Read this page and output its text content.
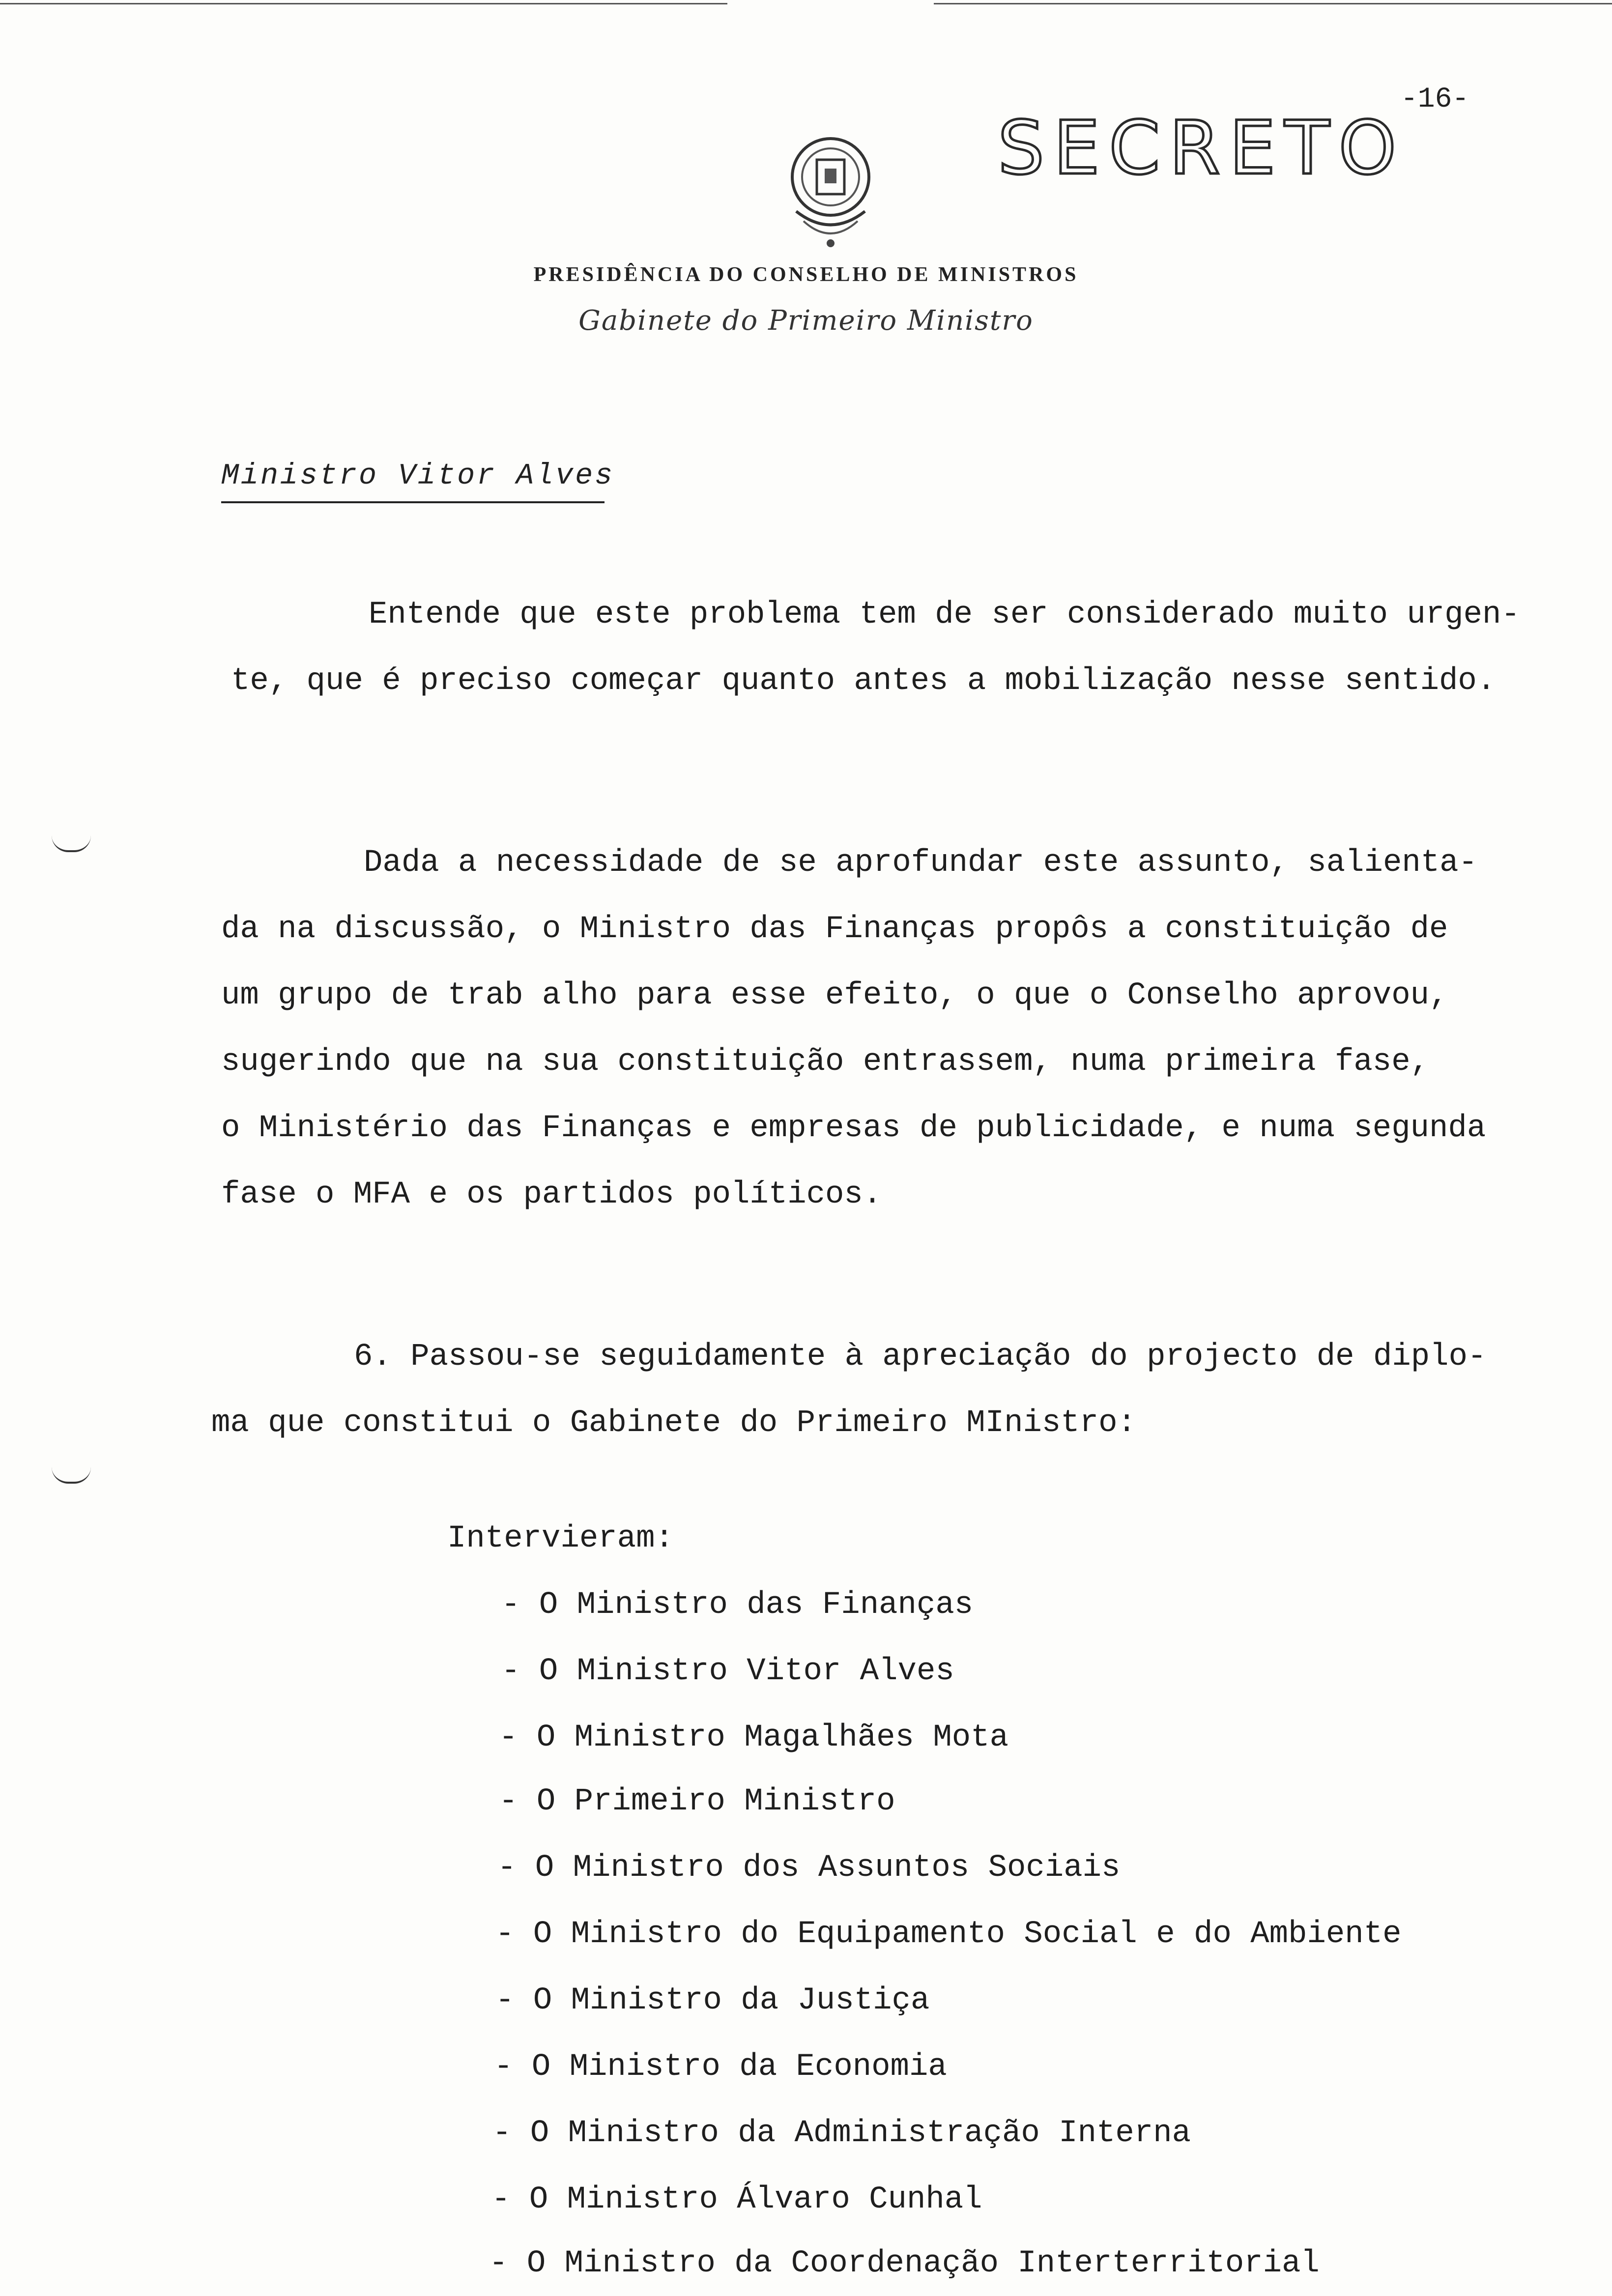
-16-
SECRETO
PRESIDÊNCIA DO CONSELHO DE MINISTROS
Gabinete do Primeiro Ministro
Ministro Vitor Alves
Entende que este problema tem de ser considerado muito urgen-
te, que é preciso começar quanto antes a mobilização nesse sentido.
Dada a necessidade de se aprofundar este assunto, salienta-
da na discussão, o Ministro das Finanças propôs a constituição de
um grupo de trab alho para esse efeito, o que o Conselho aprovou,
sugerindo que na sua constituição entrassem, numa primeira fase,
o Ministério das Finanças e empresas de publicidade, e numa segunda
fase o MFA e os partidos políticos.
6. Passou-se seguidamente à apreciação do projecto de diplo-
ma que constitui o Gabinete do Primeiro MInistro:
Intervieram:
- O Ministro das Finanças
- O Ministro Vitor Alves
- O Ministro Magalhães Mota
- O Primeiro Ministro
- O Ministro dos Assuntos Sociais
- O Ministro do Equipamento Social e do Ambiente
- O Ministro da Justiça
- O Ministro da Economia
- O Ministro da Administração Interna
- O Ministro Álvaro Cunhal
- O Ministro da Coordenação Interterritorial
